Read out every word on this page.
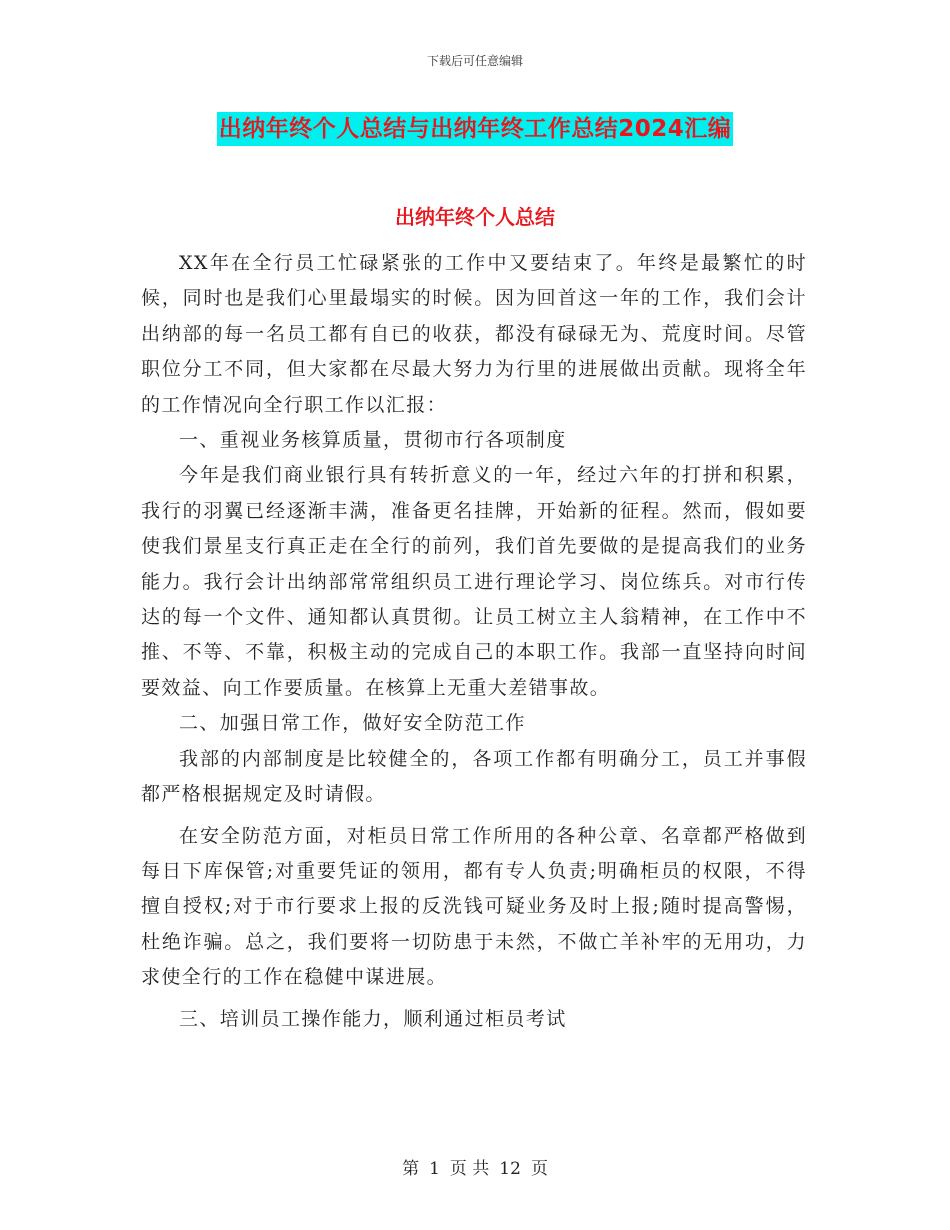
下载后可任意编辑
出纳年终个人总结与出纳年终工作总结2024汇编
出纳年终个人总结

XX年在全行员工忙碌紧张的工作中又要结束了。年终是最繁忙的时候，同时也是我们心里最塌实的时候。因为回首这一年的工作，我们会计出纳部的每一名员工都有自已的收获，都没有碌碌无为、荒度时间。尽管职位分工不同，但大家都在尽最大努力为行里的进展做出贡献。现将全年的工作情况向全行职工作以汇报：

一、重视业务核算质量，贯彻市行各项制度

今年是我们商业银行具有转折意义的一年，经过六年的打拼和积累，我行的羽翼已经逐渐丰满，准备更名挂牌，开始新的征程。然而，假如要使我们景星支行真正走在全行的前列，我们首先要做的是提高我们的业务能力。我行会计出纳部常常组织员工进行理论学习、岗位练兵。对市行传达的每一个文件、通知都认真贯彻。让员工树立主人翁精神，在工作中不推、不等、不靠，积极主动的完成自己的本职工作。我部一直坚持向时间要效益、向工作要质量。在核算上无重大差错事故。

二、加强日常工作，做好安全防范工作

我部的内部制度是比较健全的，各项工作都有明确分工，员工并事假都严格根据规定及时请假。

在安全防范方面，对柜员日常工作所用的各种公章、名章都严格做到每日下库保管;对重要凭证的领用，都有专人负责;明确柜员的权限，不得擅自授权;对于市行要求上报的反洗钱可疑业务及时上报;随时提高警惕，杜绝诈骗。总之，我们要将一切防患于未然，不做亡羊补牢的无用功，力求使全行的工作在稳健中谋进展。

三、培训员工操作能力，顺利通过柜员考试

第 1 页 共 12 页
